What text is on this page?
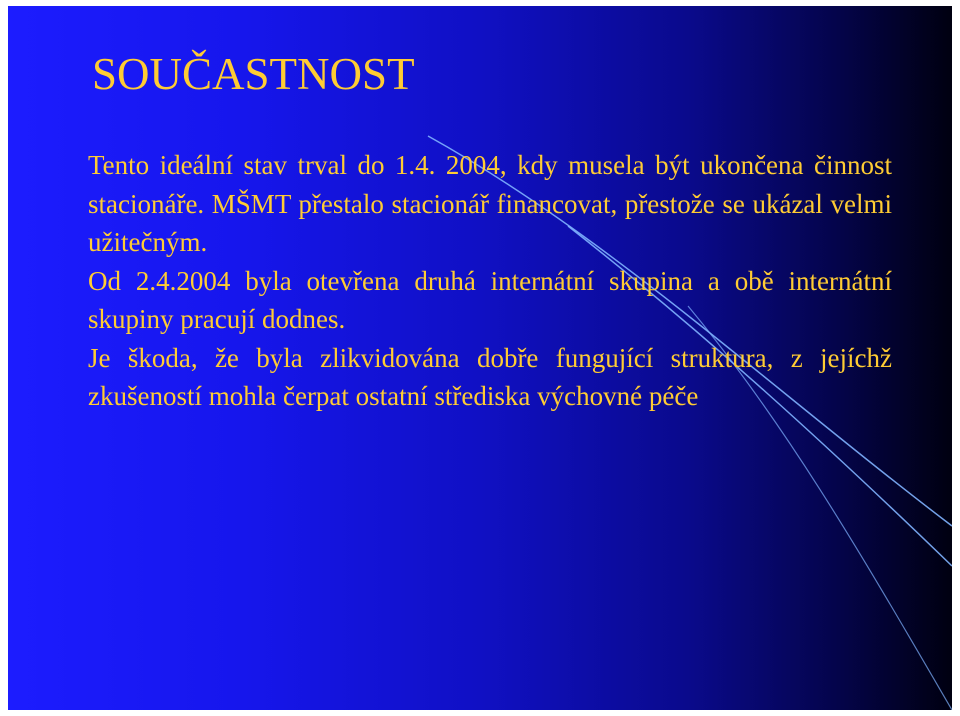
SOUČASTNOST

Tento ideální stav trval do 1.4. 2004, kdy musela být ukončena činnost stacionáře. MŠMT přestalo stacionář financovat, přestože se ukázal velmi užitečným.

Od 2.4.2004 byla otevřena druhá internátní skupina a obě internátní skupiny pracují dodnes.

Je škoda, že byla zlikvidována dobře fungující struktura, z jejíchž zkušeností mohla čerpat ostatní střediska výchovné péče
